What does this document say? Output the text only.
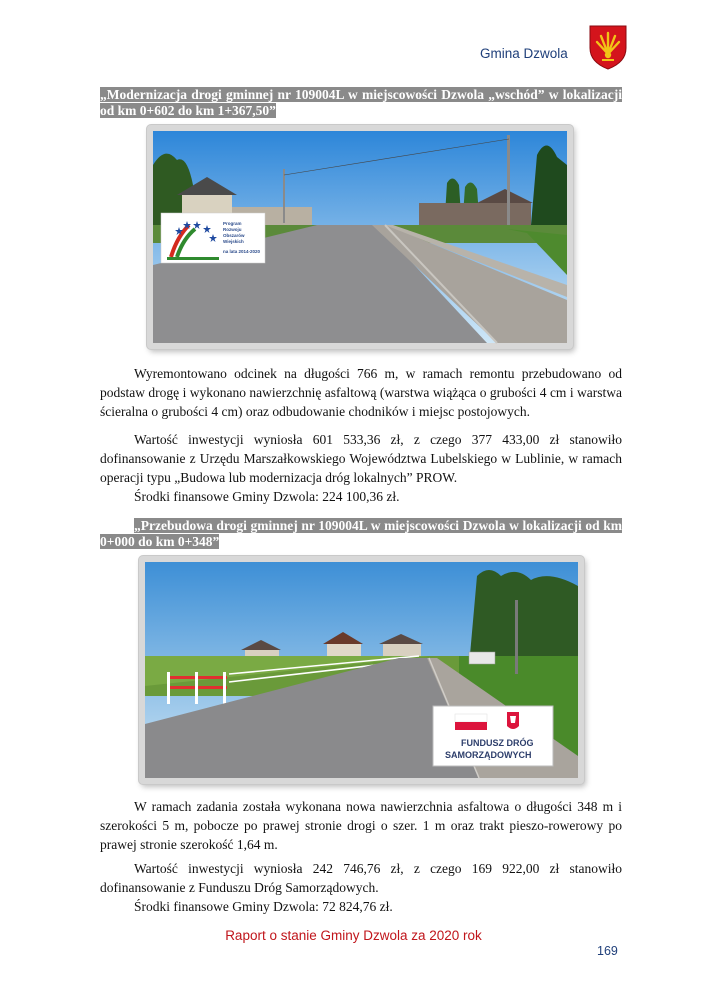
Gmina Dzwola
„Modernizacja drogi gminnej nr 109004L w miejscowości Dzwola „wschód” w lokalizacji od km 0+602 do km 1+367,50”
Program
Rozwoju
Obszarów
Wiejskich
na lata 2014-2020

Wyremontowano odcinek na długości 766 m, w ramach remontu przebudowano od podstaw drogę i wykonano nawierzchnię asfaltową (warstwa wiążąca o grubości 4 cm i warstwa ścieralna o grubości 4 cm) oraz odbudowanie chodników i miejsc postojowych.

Wartość inwestycji wyniosła 601 533,36 zł, z czego 377 433,00 zł stanowiło dofinansowanie z Urzędu Marszałkowskiego Województwa Lubelskiego w Lublinie, w ramach operacji typu „Budowa lub modernizacja dróg lokalnych” PROW.

Środki finansowe Gminy Dzwola: 224 100,36 zł.

„Przebudowa drogi gminnej nr 109004L w miejscowości Dzwola w lokalizacji od km 0+000 do km 0+348”
FUNDUSZ DRÓG
SAMORZĄDOWYCH

W ramach zadania została wykonana nowa nawierzchnia asfaltowa o długości 348 m i szerokości 5 m, pobocze po prawej stronie drogi o szer. 1 m oraz trakt pieszo-rowerowy po prawej stronie szerokość 1,64 m.

Wartość inwestycji wyniosła 242 746,76 zł, z czego 169 922,00 zł stanowiło dofinansowanie z Funduszu Dróg Samorządowych.

Środki finansowe Gminy Dzwola: 72 824,76 zł.

Raport o stanie Gminy Dzwola za 2020 rok
169
